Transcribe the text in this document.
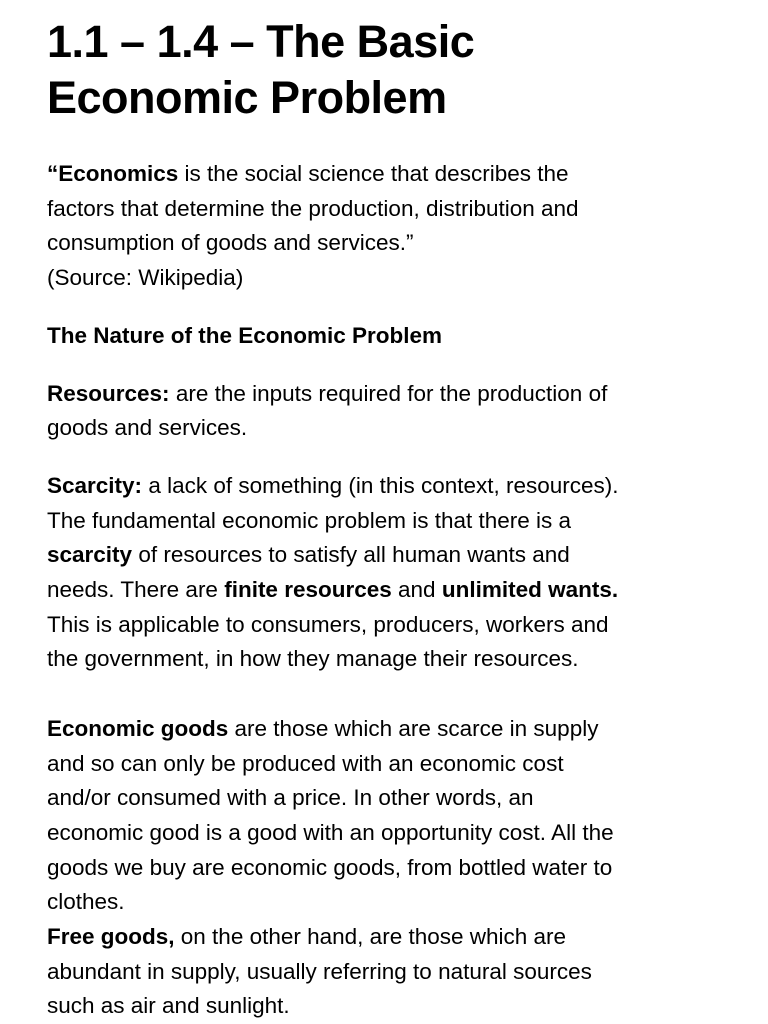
1.1 – 1.4 – The Basic
Economic Problem

“Economics is the social science that describes the

factors that determine the production, distribution and

consumption of goods and services.”

(Source: Wikipedia)

The Nature of the Economic Problem

Resources: are the inputs required for the production of

goods and services.

Scarcity: a lack of something (in this context, resources).

The fundamental economic problem is that there is a

scarcity of resources to satisfy all human wants and

needs. There are finite resources and unlimited wants.

This is applicable to consumers, producers, workers and

the government, in how they manage their resources.

Economic goods are those which are scarce in supply

and so can only be produced with an economic cost

and/or consumed with a price. In other words, an

economic good is a good with an opportunity cost. All the

goods we buy are economic goods, from bottled water to

clothes.

Free goods, on the other hand, are those which are

abundant in supply, usually referring to natural sources

such as air and sunlight.
